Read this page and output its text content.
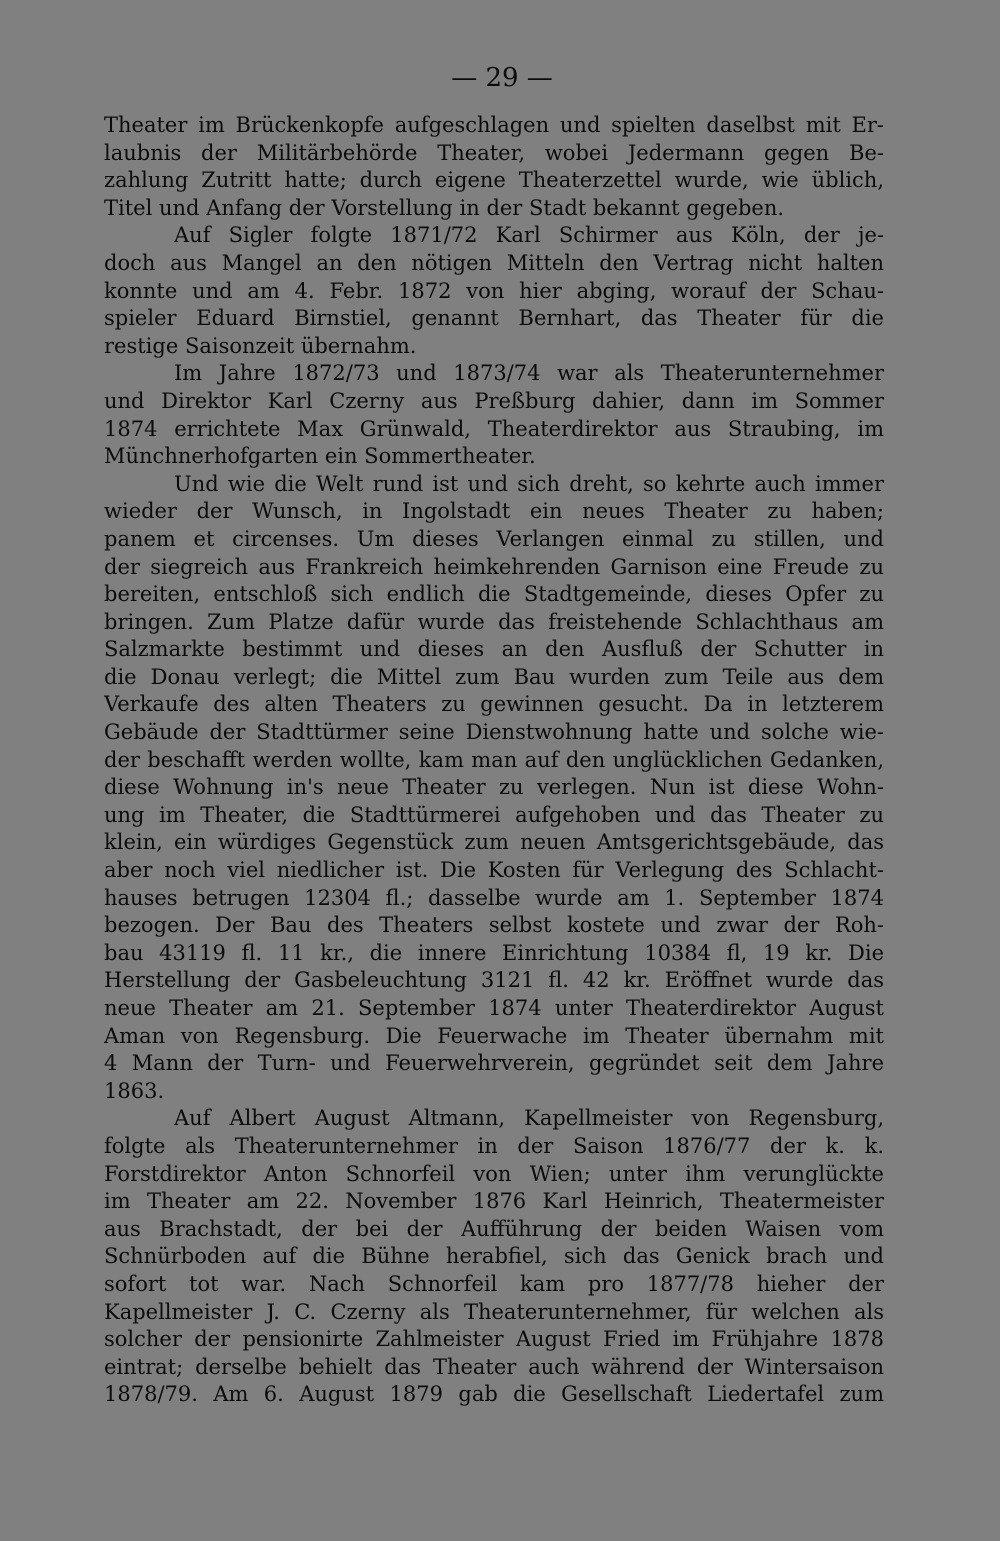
— 29 —
Theater im Brückenkopfe aufgeschlagen und spielten daselbst mit Er-
laubnis der Militärbehörde Theater, wobei Jedermann gegen Be-
zahlung Zutritt hatte; durch eigene Theaterzettel wurde, wie üblich,
Titel und Anfang der Vorstellung in der Stadt bekannt gegeben.
Auf Sigler folgte 1871/72 Karl Schirmer aus Köln, der je-
doch aus Mangel an den nötigen Mitteln den Vertrag nicht halten
konnte und am 4. Febr. 1872 von hier abging, worauf der Schau-
spieler Eduard Birnstiel, genannt Bernhart, das Theater für die
restige Saisonzeit übernahm.
Im Jahre 1872/73 und 1873/74 war als Theaterunternehmer
und Direktor Karl Czerny aus Preßburg dahier, dann im Sommer
1874 errichtete Max Grünwald, Theaterdirektor aus Straubing, im
Münchnerhofgarten ein Sommertheater.
Und wie die Welt rund ist und sich dreht, so kehrte auch immer
wieder der Wunsch, in Ingolstadt ein neues Theater zu haben;
panem et circenses. Um dieses Verlangen einmal zu stillen, und
der siegreich aus Frankreich heimkehrenden Garnison eine Freude zu
bereiten, entschloß sich endlich die Stadtgemeinde, dieses Opfer zu
bringen. Zum Platze dafür wurde das freistehende Schlachthaus am
Salzmarkte bestimmt und dieses an den Ausfluß der Schutter in
die Donau verlegt; die Mittel zum Bau wurden zum Teile aus dem
Verkaufe des alten Theaters zu gewinnen gesucht. Da in letzterem
Gebäude der Stadttürmer seine Dienstwohnung hatte und solche wie-
der beschafft werden wollte, kam man auf den unglücklichen Gedanken,
diese Wohnung in's neue Theater zu verlegen. Nun ist diese Wohn-
ung im Theater, die Stadttürmerei aufgehoben und das Theater zu
klein, ein würdiges Gegenstück zum neuen Amtsgerichtsgebäude, das
aber noch viel niedlicher ist. Die Kosten für Verlegung des Schlacht-
hauses betrugen 12304 fl.; dasselbe wurde am 1. September 1874
bezogen. Der Bau des Theaters selbst kostete und zwar der Roh-
bau 43119 fl. 11 kr., die innere Einrichtung 10384 fl, 19 kr. Die
Herstellung der Gasbeleuchtung 3121 fl. 42 kr. Eröffnet wurde das
neue Theater am 21. September 1874 unter Theaterdirektor August
Aman von Regensburg. Die Feuerwache im Theater übernahm mit
4 Mann der Turn- und Feuerwehrverein, gegründet seit dem Jahre
1863.
Auf Albert August Altmann, Kapellmeister von Regensburg,
folgte als Theaterunternehmer in der Saison 1876/77 der k. k.
Forstdirektor Anton Schnorfeil von Wien; unter ihm verunglückte
im Theater am 22. November 1876 Karl Heinrich, Theatermeister
aus Brachstadt, der bei der Aufführung der beiden Waisen vom
Schnürboden auf die Bühne herabfiel, sich das Genick brach und
sofort tot war. Nach Schnorfeil kam pro 1877/78 hieher der
Kapellmeister J. C. Czerny als Theaterunternehmer, für welchen als
solcher der pensionirte Zahlmeister August Fried im Frühjahre 1878
eintrat; derselbe behielt das Theater auch während der Wintersaison
1878/79. Am 6. August 1879 gab die Gesellschaft Liedertafel zum
